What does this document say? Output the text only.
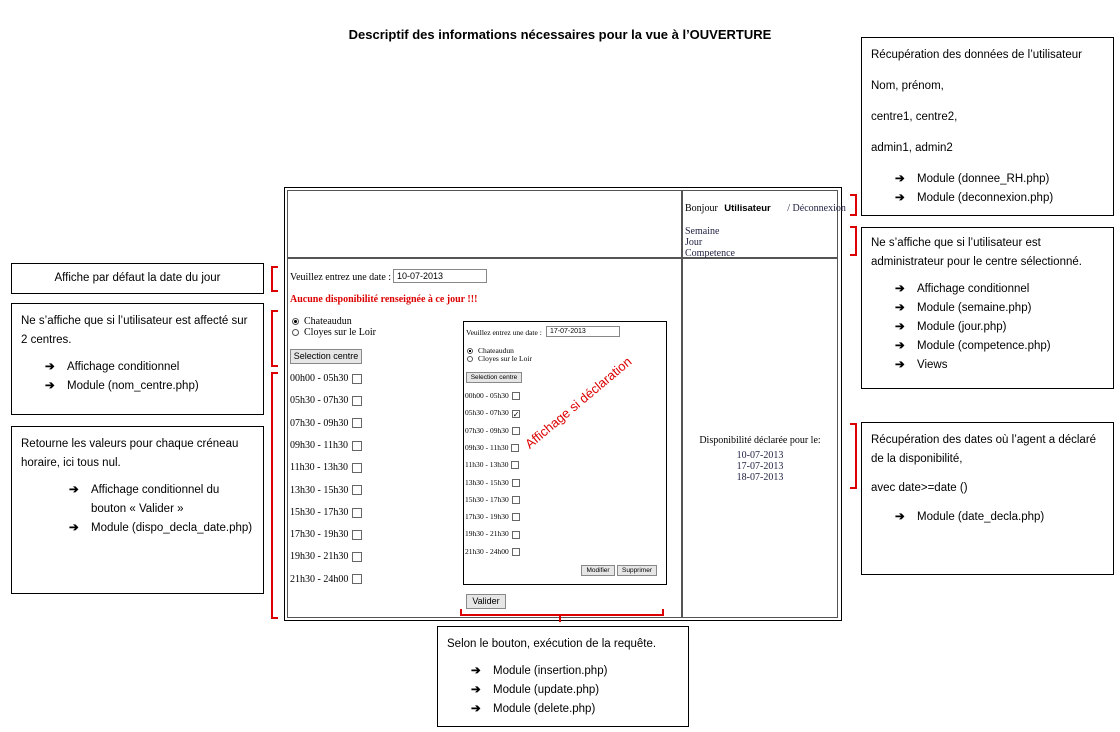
Descriptif des informations nécessaires pour la vue à l’OUVERTURE
Bonjour Utilisateur / Déconnexion
Semaine
Jour
Competence
Veuillez entrez une date : 10-07-2013
Aucune disponibilité renseignée à ce jour !!!
Chateaudun
Cloyes sur le Loir
Selection centre
00h00 - 05h30
05h30 - 07h30
07h30 - 09h30
09h30 - 11h30
11h30 - 13h30
13h30 - 15h30
15h30 - 17h30
17h30 - 19h30
19h30 - 21h30
21h30 - 24h00
Valider
Veuillez entrez une date :	17-07-2013
Chateaudun
Cloyes sur le Loir
Selection centre
00h00 - 05h30
05h30 - 07h30✓
07h30 - 09h30
09h30 - 11h30
11h30 - 13h30
13h30 - 15h30
15h30 - 17h30
17h30 - 19h30
19h30 - 21h30
21h30 - 24h00
Modifier	Supprimer
Affichage si déclaration	Disponibilité déclarée pour le:
10-07-2013
17-07-2013
18-07-2013
Affiche par défaut la date du jour

Ne s’affiche que si l’utilisateur est affecté sur 2 centres.

➔	Affichage conditionnel
➔	Module (nom_centre.php)

Retourne les valeurs pour chaque créneau horaire, ici tous nul.

➔	Affichage conditionnel du bouton « Valider »
➔	Module (dispo_decla_date.php)

Récupération des données de l’utilisateur

Nom, prénom,

centre1, centre2,

admin1, admin2

➔	Module (donnee_RH.php)
➔	Module (deconnexion.php)

Ne s’affiche que si l’utilisateur est administrateur pour le centre sélectionné.

➔	Affichage conditionnel
➔	Module (semaine.php)
➔	Module (jour.php)
➔	Module (competence.php)
➔	Views

Récupération des dates où l’agent a déclaré de la disponibilité,

avec date>=date ()

➔	Module (date_decla.php)

Selon le bouton, exécution de la requête.

➔	Module (insertion.php)
➔	Module (update.php)
➔	Module (delete.php)
